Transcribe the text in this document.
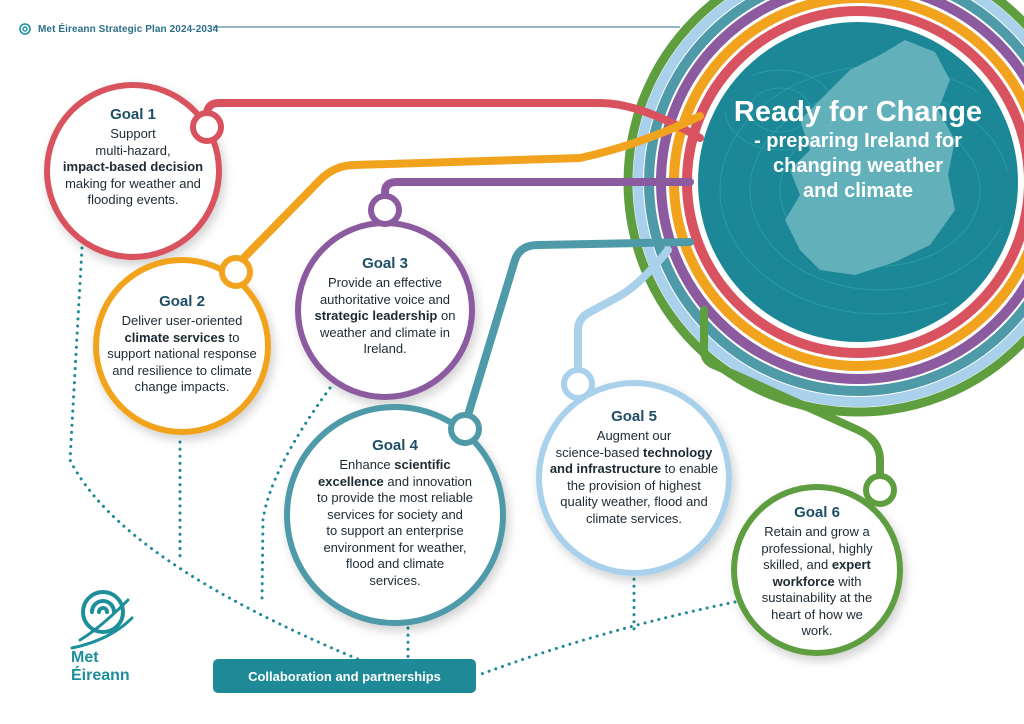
Met Éireann Strategic Plan 2024-2034
Ready for Change
- preparing Ireland for
changing weather
and climate
Goal 1
Support
multi-hazard,
impact-based decision
making for weather and
flooding events.
Goal 2
Deliver user-oriented
climate services to
support national response
and resilience to climate
change impacts.
Goal 3
Provide an effective
authoritative voice and
strategic leadership on
weather and climate in
Ireland.
Goal 4
Enhance scientific
excellence and innovation
to provide the most reliable
services for society and
to support an enterprise
environment for weather,
flood and climate
services.
Goal 5
Augment our
science-based technology
and infrastructure to enable
the provision of highest
quality weather, flood and
climate services.	Goal 6
Retain and grow a
professional, highly
skilled, and expert
workforce with
sustainability at the
heart of how we
work.
Collaboration and partnerships
Met
Éireann
